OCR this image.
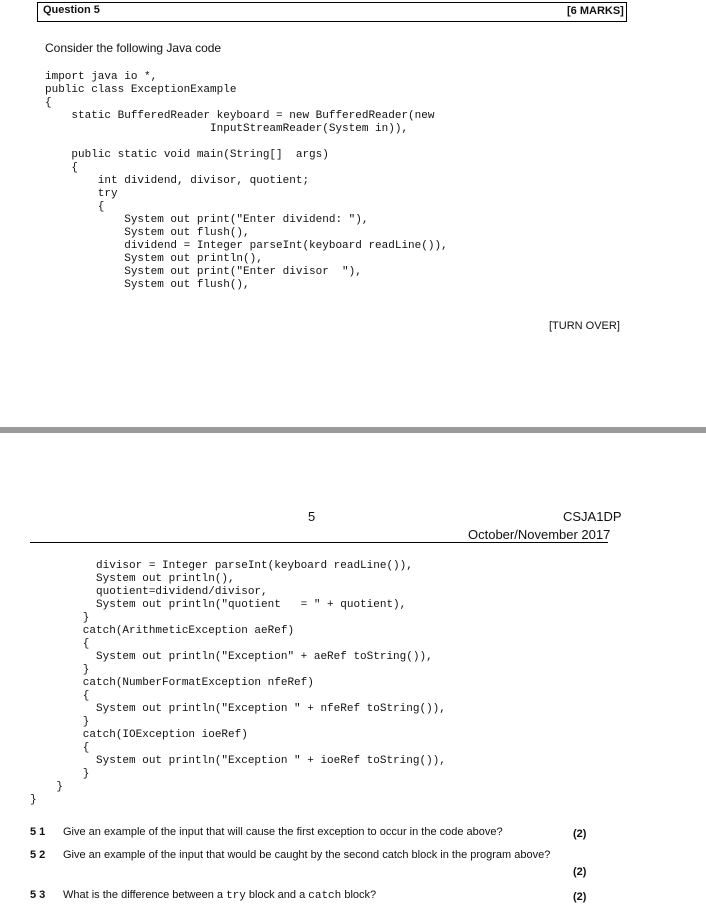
Question 5	[6 MARKS]
Consider the following Java code
import java io *,
public class ExceptionExample
{
static BufferedReader keyboard = new BufferedReader(new
InputStreamReader(System in)),

public static void main(String[]  args)
{
int dividend, divisor, quotient;
try
{
System out print("Enter dividend: "),
System out flush(),
dividend = Integer parseInt(keyboard readLine()),
System out println(),
System out print("Enter divisor  "),
System out flush(),
[TURN OVER]
5	CSJA1DP
October/November 2017
divisor = Integer parseInt(keyboard readLine()),
System out println(),
quotient=dividend/divisor,
System out println("quotient   = " + quotient),
}
catch(ArithmeticException aeRef)
{
System out println("Exception" + aeRef toString()),
}
catch(NumberFormatException nfeRef)
{
System out println("Exception " + nfeRef toString()),
}
catch(IOException ioeRef)
{
System out println("Exception " + ioeRef toString()),
}
}
}
5 1 Give an example of the input that will cause the first exception to occur in the code above?	(2)
5 2 Give an example of the input that would be caught by the second catch block in the program above?
(2)
5 3 What is the difference between a try block and a catch block?	(2)
